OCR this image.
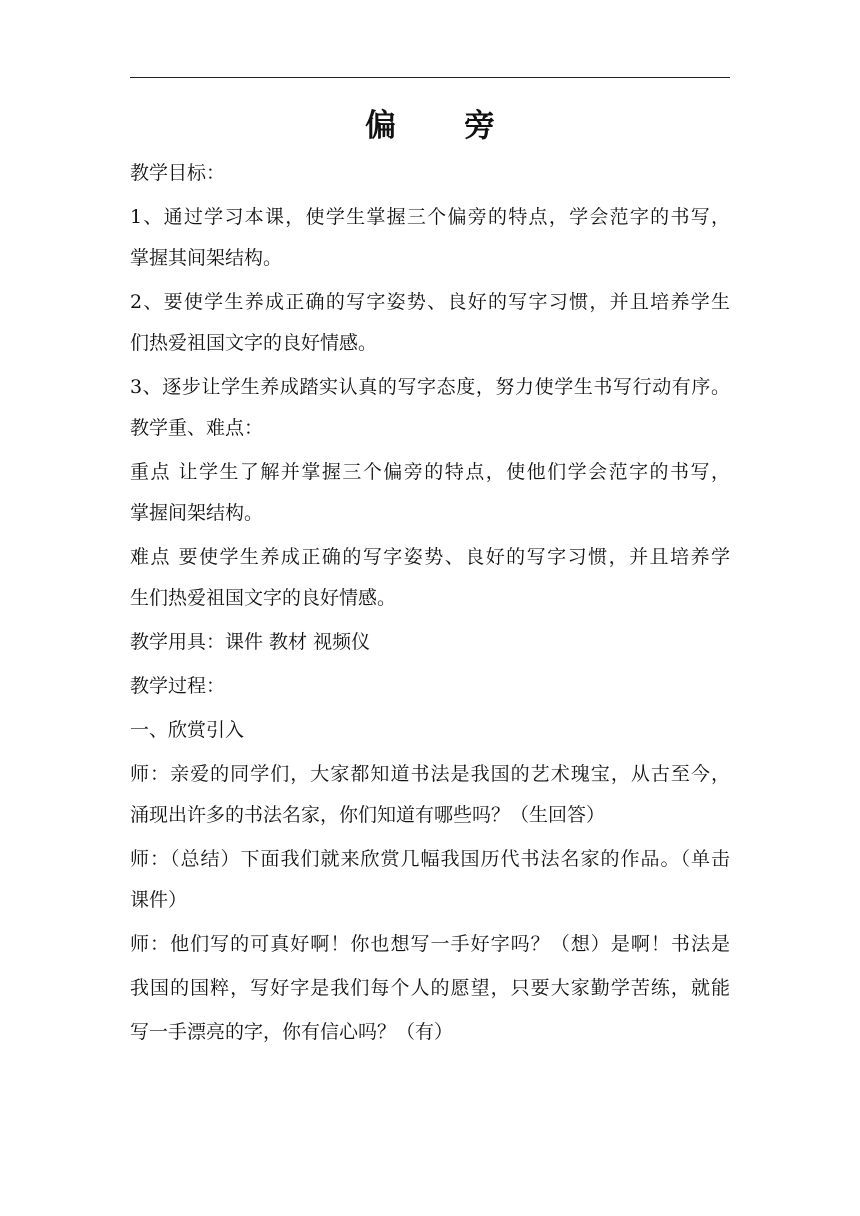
偏旁

教学目标：

1、通过学习本课，使学生掌握三个偏旁的特点，学会范字的书写，

掌握其间架结构。

2、要使学生养成正确的写字姿势、良好的写字习惯，并且培养学生

们热爱祖国文字的良好情感。

3、逐步让学生养成踏实认真的写字态度，努力使学生书写行动有序。

教学重、难点：

重点 让学生了解并掌握三个偏旁的特点，使他们学会范字的书写，

掌握间架结构。

难点 要使学生养成正确的写字姿势、良好的写字习惯，并且培养学

生们热爱祖国文字的良好情感。

教学用具：课件 教材 视频仪

教学过程：

一、欣赏引入

师：亲爱的同学们，大家都知道书法是我国的艺术瑰宝，从古至今，

涌现出许多的书法名家，你们知道有哪些吗？（生回答）

师：（总结）下面我们就来欣赏几幅我国历代书法名家的作品。（单击

课件）

师：他们写的可真好啊！你也想写一手好字吗？（想）是啊！书法是

我国的国粹，写好字是我们每个人的愿望，只要大家勤学苦练，就能

写一手漂亮的字，你有信心吗？（有）
